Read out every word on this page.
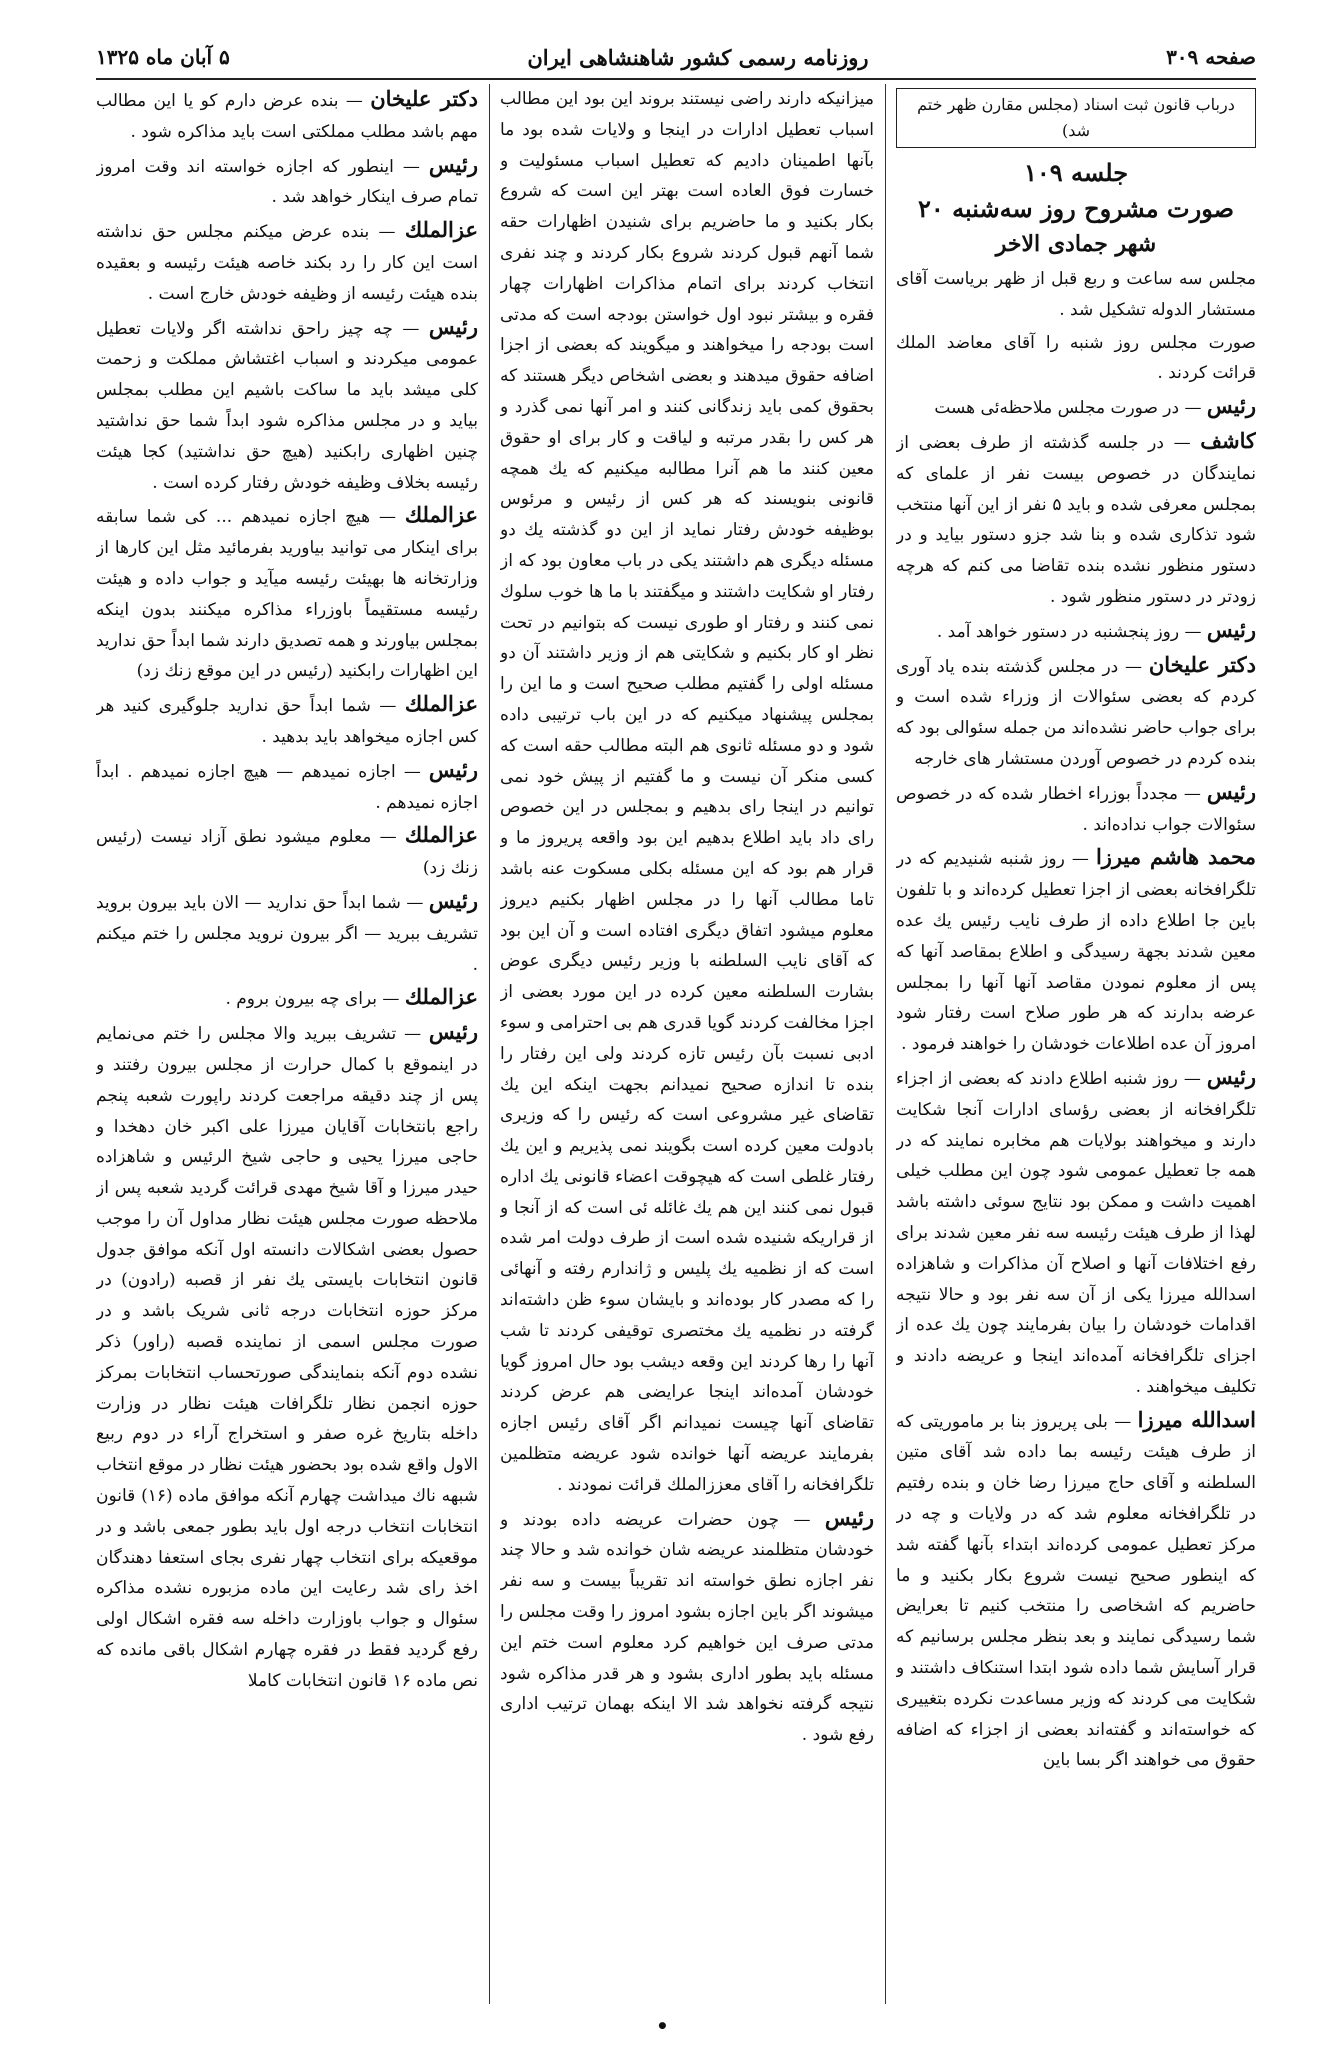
صفحه ۳۰۹
روزنامه رسمی کشور شاهنشاهی ایران
۵ آبان ماه ۱۳۲۵
درباب قانون ثبت اسناد (مجلس مقارن ظهر ختم شد)
جلسه ۱۰۹
صورت مشروح روز سه‌شنبه ۲۰
شهر جمادی الاخر

مجلس سه ساعت و ربع قبل از ظهر بریاست آقای مستشار الدوله تشکیل شد .

صورت مجلس روز شنبه را آقای معاضد الملك قرائت کردند .

رئیس — در صورت مجلس ملاحظه‌ئی هست

کاشف — در جلسه گذشته از طرف بعضی از نمایندگان در خصوص بیست نفر از علمای که بمجلس معرفی شده و باید ۵ نفر از این آنها منتخب شود تذکاری شده و بنا شد جزو دستور بیاید و در دستور منظور نشده بنده تقاضا می کنم که هرچه زودتر در دستور منظور شود .

رئیس — روز پنجشنبه در دستور خواهد آمد .

دکتر علیخان — در مجلس گذشته بنده یاد آوری کردم که بعضی سئوالات از وزراء شده است و برای جواب حاضر نشده‌اند من جمله سئوالی بود که بنده کردم در خصوص آوردن مستشار های خارجه

رئیس — مجدداً بوزراء اخطار شده که در خصوص سئوالات جواب نداده‌اند .

محمد هاشم میرزا — روز شنبه شنیدیم که در تلگرافخانه بعضی از اجزا تعطیل کرده‌اند و با تلفون باین جا اطلاع داده از طرف نایب رئیس یك عده معین شدند بجهة رسیدگی و اطلاع بمقاصد آنها که پس از معلوم نمودن مقاصد آنها آنها را بمجلس عرضه بدارند که هر طور صلاح است رفتار شود امروز آن عده اطلاعات خودشان را خواهند فرمود .

رئیس — روز شنبه اطلاع دادند که بعضی از اجزاء تلگرافخانه از بعضی رؤسای ادارات آنجا شکایت دارند و میخواهند بولایات هم مخابره نمایند که در همه جا تعطیل عمومی شود چون این مطلب خیلی اهمیت داشت و ممکن بود نتایج سوئی داشته باشد لهذا از طرف هیئت رئیسه سه نفر معین شدند برای رفع اختلافات آنها و اصلاح آن مذاکرات و شاهزاده اسدالله میرزا یکی از آن سه نفر بود و حالا نتیجه اقدامات خودشان را بیان بفرمایند چون یك عده از اجزای تلگرافخانه آمده‌اند اینجا و عریضه دادند و تکلیف میخواهند .

اسدالله میرزا — بلی پریروز بنا بر ماموریتی که از طرف هیئت رئیسه بما داده شد آقای متین السلطنه و آقای حاج میرزا رضا خان و بنده رفتیم در تلگرافخانه معلوم شد که در ولایات و چه در مرکز تعطیل عمومی کرده‌اند ابتداء بآنها گفته شد که اینطور صحیح نیست شروع بکار بکنید و ما حاضریم که اشخاصی را منتخب کنیم تا بعرایض شما رسیدگی نمایند و بعد بنظر مجلس برسانیم که قرار آسایش شما داده شود ابتدا استنکاف داشتند و شکایت می کردند که وزیر مساعدت نکرده بتغییری که خواسته‌اند و گفته‌اند بعضی از اجزاء که اضافه حقوق می خواهند اگر بسا باین

میزانیکه دارند راضی نیستند بروند این بود این مطالب اسباب تعطیل ادارات در اینجا و ولایات شده بود ما بآنها اطمینان دادیم که تعطیل اسباب مسئولیت و خسارت فوق العاده است بهتر این است که شروع بکار بکنید و ما حاضریم برای شنیدن اظهارات حقه شما آنهم قبول کردند شروع بکار کردند و چند نفری انتخاب کردند برای اتمام مذاکرات اظهارات چهار فقره و بیشتر نبود اول خواستن بودجه است که مدتی است بودجه را میخواهند و میگویند که بعضی از اجزا اضافه حقوق میدهند و بعضی اشخاص دیگر هستند که بحقوق کمی باید زندگانی کنند و امر آنها نمی گذرد و هر کس را بقدر مرتبه و لیاقت و کار برای او حقوق معین کنند ما هم آنرا مطالبه میکنیم که یك همچه قانونی بنویسند که هر کس از رئیس و مرئوس بوظیفه خودش رفتار نماید از این دو گذشته یك دو مسئله دیگری هم داشتند یکی در باب معاون بود که از رفتار او شکایت داشتند و میگفتند با ما ها خوب سلوك نمی کنند و رفتار او طوری نیست که بتوانیم در تحت نظر او کار بکنیم و شکایتی هم از وزیر داشتند آن دو مسئله اولی را گفتیم مطلب صحیح است و ما این را بمجلس پیشنهاد میکنیم که در این باب ترتیبی داده شود و دو مسئله ثانوی هم البته مطالب حقه است که کسی منکر آن نیست و ما گفتیم از پیش خود نمی توانیم در اینجا رای بدهیم و بمجلس در این خصوص رای داد باید اطلاع بدهیم این بود واقعه پریروز ما و قرار هم بود که این مسئله بکلی مسکوت عنه باشد تاما مطالب آنها را در مجلس اظهار بکنیم دیروز معلوم میشود اتفاق دیگری افتاده است و آن این بود که آقای نایب السلطنه با وزیر رئیس دیگری عوض بشارت السلطنه معین کرده در این مورد بعضی از اجزا مخالفت کردند گویا قدری هم بی احترامی و سوء ادبی نسبت بآن رئیس تازه کردند ولی این رفتار را بنده تا اندازه صحیح نمیدانم بجهت اینکه این یك تقاضای غیر مشروعی است که رئیس را که وزیری بادولت معین کرده است بگویند نمی پذیریم و این یك رفتار غلطی است که هیچوقت اعضاء قانونی یك اداره قبول نمی کنند این هم یك غائله ئی است که از آنجا و از قراریکه شنیده شده است از طرف دولت امر شده است که از نظمیه یك پلیس و ژاندارم رفته و آنهائی را که مصدر کار بوده‌اند و بایشان سوء ظن داشته‌اند گرفته در نظمیه یك مختصری توقیفی کردند تا شب آنها را رها کردند این وقعه دیشب بود حال امروز گویا خودشان آمده‌اند اینجا عرایضی هم عرض کردند تقاضای آنها چیست نمیدانم اگر آقای رئیس اجازه بفرمایند عریضه آنها خوانده شود عریضه متظلمین تلگرافخانه را آقای معززالملك قرائت نمودند .

رئیس — چون حضرات عریضه داده بودند و خودشان متظلمند عریضه شان خوانده شد و حالا چند نفر اجازه نطق خواسته اند تقریباً بیست و سه نفر میشوند اگر باین اجازه بشود امروز را وقت مجلس را مدتی صرف این خواهیم کرد معلوم است ختم این مسئله باید بطور اداری بشود و هر قدر مذاکره شود نتیجه گرفته نخواهد شد الا اینکه بهمان ترتیب اداری رفع شود .

دکتر علیخان — بنده عرض دارم کو یا این مطالب مهم باشد مطلب مملکتی است باید مذاکره شود .

رئیس — اینطور که اجازه خواسته اند وقت امروز تمام صرف اینکار خواهد شد .

عزالملك — بنده عرض میکنم مجلس حق نداشته است این کار را رد بکند خاصه هیئت رئیسه و بعقیده بنده هیئت رئیسه از وظیفه خودش خارج است .

رئیس — چه چیز راحق نداشته اگر ولایات تعطیل عمومی میکردند و اسباب اغتشاش مملکت و زحمت کلی میشد باید ما ساکت باشیم این مطلب بمجلس بیاید و در مجلس مذاکره شود ابداً شما حق نداشتید چنین اظهاری رابکنید (هیچ حق نداشتید) کجا هیئت رئیسه بخلاف وظیفه خودش رفتار کرده است .

عزالملك — هیچ اجازه نمیدهم ... کی شما سابقه برای اینکار می توانید بیاورید بفرمائید مثل این کارها از وزارتخانه ها بهیئت رئیسه میآید و جواب داده و هیئت رئیسه مستقیماً باوزراء مذاکره میکنند بدون اینکه بمجلس بیاورند و همه تصدیق دارند شما ابداً حق ندارید این اظهارات رابکنید (رئیس در این موقع زنك زد)

عزالملك — شما ابداً حق ندارید جلوگیری کنید هر کس اجازه میخواهد باید بدهید .

رئیس — اجازه نمیدهم — هیچ اجازه نمیدهم . ابداً اجازه نمیدهم .

عزالملك — معلوم میشود نطق آزاد نیست (رئیس زنك زد)

رئیس — شما ابداً حق ندارید — الان باید بیرون بروید تشریف ببرید — اگر بیرون نروید مجلس را ختم میکنم .

عزالملك — برای چه بیرون بروم .

رئیس — تشریف ببرید والا مجلس را ختم می‌نمایم در اینموقع با کمال حرارت از مجلس بیرون رفتند و پس از چند دقیقه مراجعت کردند راپورت شعبه پنجم راجع بانتخابات آقایان میرزا علی اکبر خان دهخدا و حاجی میرزا یحیی و حاجی شیخ الرئیس و شاهزاده حیدر میرزا و آقا شیخ مهدی قرائت گردید شعبه پس از ملاحظه صورت مجلس هیئت نظار مداول آن را موجب حصول بعضی اشکالات دانسته اول آنکه موافق جدول قانون انتخابات بایستی یك نفر از قصبه (رادون) در مرکز حوزه انتخابات درجه ثانی شریک باشد و در صورت مجلس اسمی از نماینده قصبه (راور) ذکر نشده دوم آنکه بنمایندگی صورتحساب انتخابات بمرکز حوزه انجمن نظار تلگرافات هیئت نظار در وزارت داخله بتاریخ غره صفر و استخراج آراء در دوم ربیع الاول واقع شده بود بحضور هیئت نظار در موقع انتخاب شبهه ناك میداشت چهارم آنکه موافق ماده (۱۶) قانون انتخابات انتخاب درجه اول باید بطور جمعی باشد و در موقعیکه برای انتخاب چهار نفری بجای استعفا دهندگان اخذ رای شد رعایت این ماده مزبوره نشده مذاکره سئوال و جواب باوزارت داخله سه فقره اشکال اولی رفع گردید فقط در فقره چهارم اشکال باقی مانده که نص ماده ۱۶ قانون انتخابات کاملا

•
